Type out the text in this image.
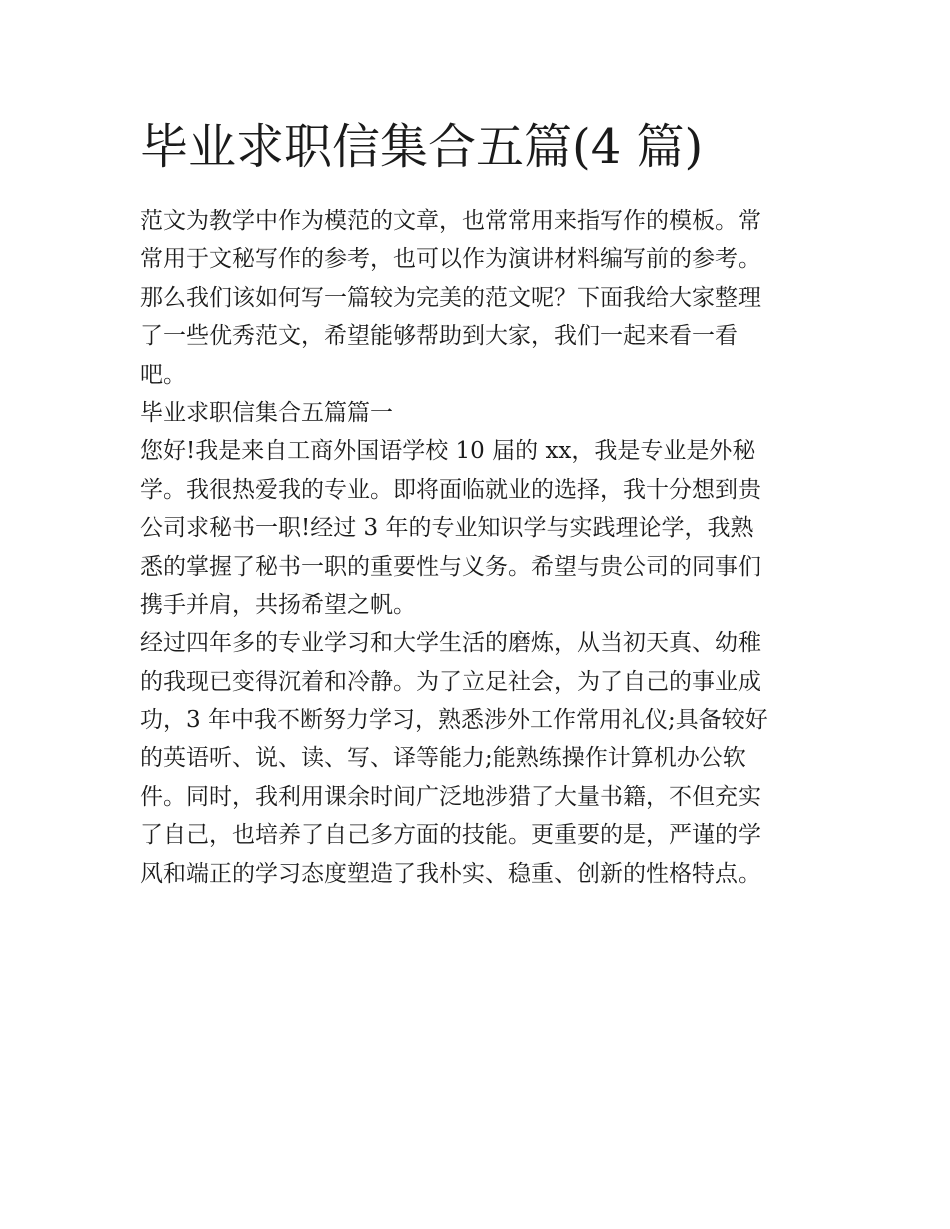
毕业求职信集合五篇(4 篇)
范文为教学中作为模范的文章，也常常用来指写作的模板。常
常用于文秘写作的参考，也可以作为演讲材料编写前的参考。
那么我们该如何写一篇较为完美的范文呢？下面我给大家整理
了一些优秀范文，希望能够帮助到大家，我们一起来看一看
吧。
毕业求职信集合五篇篇一
您好!我是来自工商外国语学校 10 届的 xx，我是专业是外秘
学。我很热爱我的专业。即将面临就业的选择，我十分想到贵
公司求秘书一职!经过 3 年的专业知识学与实践理论学，我熟
悉的掌握了秘书一职的重要性与义务。希望与贵公司的同事们
携手并肩，共扬希望之帆。
经过四年多的专业学习和大学生活的磨炼，从当初天真、幼稚
的我现已变得沉着和冷静。为了立足社会，为了自己的事业成
功，3 年中我不断努力学习，熟悉涉外工作常用礼仪;具备较好
的英语听、说、读、写、译等能力;能熟练操作计算机办公软
件。同时，我利用课余时间广泛地涉猎了大量书籍，不但充实
了自己，也培养了自己多方面的技能。更重要的是，严谨的学
风和端正的学习态度塑造了我朴实、稳重、创新的性格特点。
